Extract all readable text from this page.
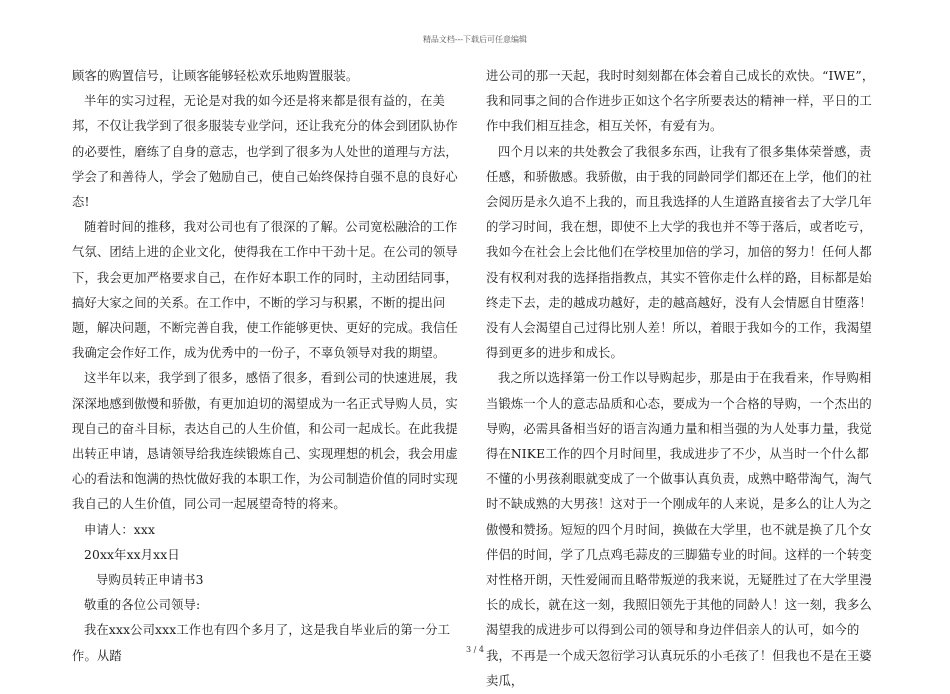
精品文档---下载后可任意编辑

顾客的购置信号，让顾客能够轻松欢乐地购置服装。

半年的实习过程，无论是对我的如今还是将来都是很有益的，在美邦，不仅让我学到了很多服装专业学问，还让我充分的体会到团队协作的必要性，磨练了自身的意志，也学到了很多为人处世的道理与方法，学会了和善待人，学会了勉励自己，使自己始终保持自强不息的良好心态!

随着时间的推移，我对公司也有了很深的了解。公司宽松融洽的工作气氛、团结上进的企业文化，使得我在工作中干劲十足。在公司的领导下，我会更加严格要求自己，在作好本职工作的同时，主动团结同事，搞好大家之间的关系。在工作中，不断的学习与积累，不断的提出问题，解决问题，不断完善自我，使工作能够更快、更好的完成。我信任我确定会作好工作，成为优秀中的一份子，不辜负领导对我的期望。

这半年以来，我学到了很多，感悟了很多，看到公司的快速进展，我深深地感到傲慢和骄傲，有更加迫切的渴望成为一名正式导购人员，实现自己的奋斗目标，表达自己的人生价值，和公司一起成长。在此我提出转正申请，恳请领导给我连续锻炼自己、实现理想的机会，我会用虚心的看法和饱满的热忱做好我的本职工作，为公司制造价值的同时实现我自己的人生价值，同公司一起展望奇特的将来。

申请人：xxx

20xx年xx月xx日

导购员转正申请书3

敬重的各位公司领导:

我在xxx公司xxx工作也有四个多月了，这是我自毕业后的第一分工作。从踏

进公司的那一天起，我时时刻刻都在体会着自己成长的欢快。“IWE”，我和同事之间的合作进步正如这个名字所要表达的精神一样，平日的工作中我们相互挂念，相互关怀，有爱有为。

四个月以来的共处教会了我很多东西，让我有了很多集体荣誉感，责任感，和骄傲感。我骄傲，由于我的同龄同学们都还在上学，他们的社会阅历是永久追不上我的，而且我选择的人生道路直接省去了大学几年的学习时间，我在想，即使不上大学的我也并不等于落后，或者吃亏，我如今在社会上会比他们在学校里加倍的学习，加倍的努力！任何人都没有权利对我的选择指指教点，其实不管你走什么样的路，目标都是始终走下去，走的越成功越好，走的越高越好，没有人会情愿自甘堕落！没有人会渴望自己过得比别人差！所以，着眼于我如今的工作，我渴望得到更多的进步和成长。

我之所以选择第一份工作以导购起步，那是由于在我看来，作导购相当锻炼一个人的意志品质和心态，要成为一个合格的导购，一个杰出的导购，必需具备相当好的语言沟通力量和相当强的为人处事力量，我觉得在NIKE工作的四个月时间里，我成进步了不少，从当时一个什么都不懂的小男孩刹眼就变成了一个做事认真负责，成熟中略带淘气，淘气时不缺成熟的大男孩！这对于一个刚成年的人来说，是多么的让人为之傲慢和赞扬。短短的四个月时间，换做在大学里，也不就是换了几个女伴侣的时间，学了几点鸡毛蒜皮的三脚猫专业的时间。这样的一个转变对性格开朗，天性爱闹而且略带叛逆的我来说，无疑胜过了在大学里漫长的成长，就在这一刻，我照旧领先于其他的同龄人！这一刻，我多么渴望我的成进步可以得到公司的领导和身边伴侣亲人的认可，如今的我，不再是一个成天忽衍学习认真玩乐的小毛孩了！但我也不是在王婆卖瓜，

3 / 4
